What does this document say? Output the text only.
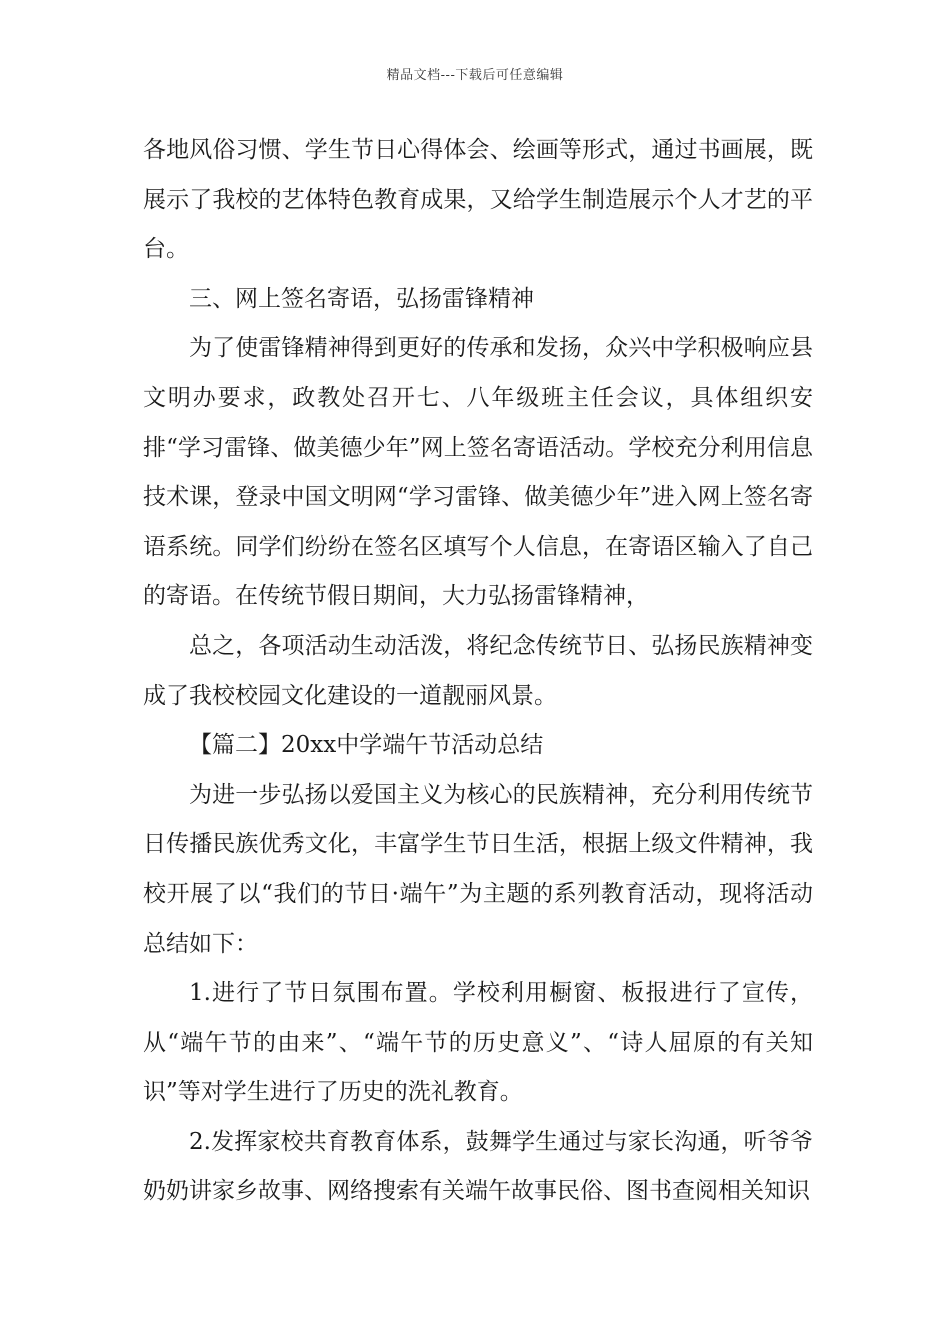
精品文档---下载后可任意编辑

各地风俗习惯、学生节日心得体会、绘画等形式，通过书画展，既展示了我校的艺体特色教育成果，又给学生制造展示个人才艺的平台。

三、网上签名寄语，弘扬雷锋精神

为了使雷锋精神得到更好的传承和发扬，众兴中学积极响应县文明办要求，政教处召开七、八年级班主任会议，具体组织安排“学习雷锋、做美德少年”网上签名寄语活动。学校充分利用信息技术课，登录中国文明网“学习雷锋、做美德少年”进入网上签名寄语系统。同学们纷纷在签名区填写个人信息，在寄语区输入了自己的寄语。在传统节假日期间，大力弘扬雷锋精神，

总之，各项活动生动活泼，将纪念传统节日、弘扬民族精神变成了我校校园文化建设的一道靓丽风景。

【篇二】20xx中学端午节活动总结

为进一步弘扬以爱国主义为核心的民族精神，充分利用传统节日传播民族优秀文化，丰富学生节日生活，根据上级文件精神，我校开展了以“我们的节日·端午”为主题的系列教育活动，现将活动总结如下：

1.进行了节日氛围布置。学校利用橱窗、板报进行了宣传，从“端午节的由来”、“端午节的历史意义”、“诗人屈原的有关知识”等对学生进行了历史的洗礼教育。

2.发挥家校共育教育体系，鼓舞学生通过与家长沟通，听爷爷奶奶讲家乡故事、网络搜索有关端午故事民俗、图书查阅相关知识
